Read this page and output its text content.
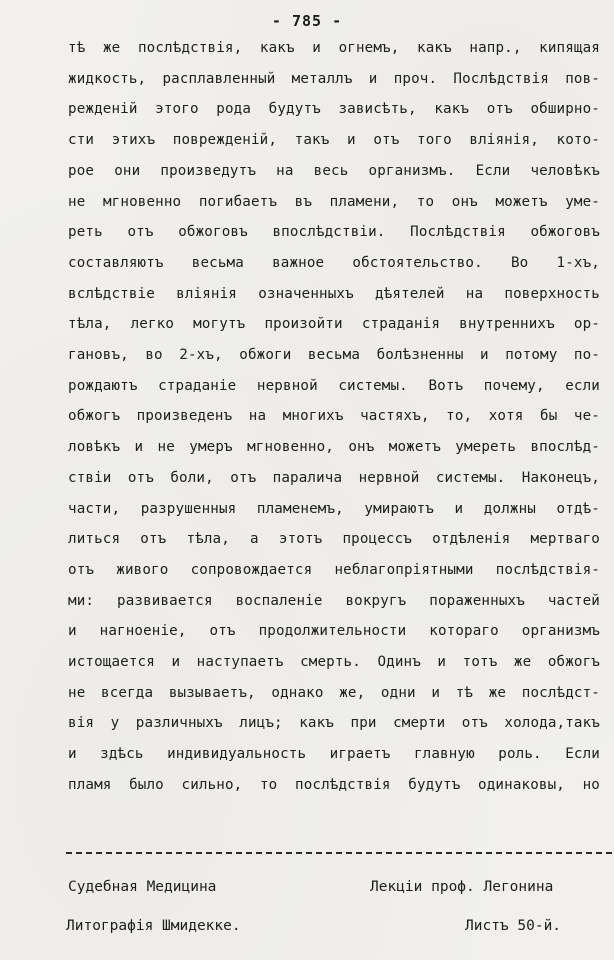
- 785 -
тѣ же послѣдствія, какъ и огнемъ, какъ напр., кипящая
жидкость, расплавленный металлъ и проч. Послѣдствія пов-
режденій этого рода будутъ зависѣть, какъ отъ обширно-
сти этихъ поврежденій, такъ и отъ того вліянія, кото-
рое они произведутъ на весь организмъ. Если человѣкъ
не мгновенно погибаетъ въ пламени, то онъ можетъ уме-
реть отъ обжоговъ впослѣдствіи. Послѣдствія обжоговъ
составляютъ весьма важное обстоятельство. Во 1-хъ,
вслѣдствіе вліянія означенныхъ дѣятелей на поверхность
тѣла, легко могутъ произойти страданія внутреннихъ ор-
гановъ, во 2-хъ, обжоги весьма болѣзненны и потому по-
рождаютъ страданіе нервной системы. Вотъ почему, если
обжогъ произведенъ на многихъ частяхъ, то, хотя бы че-
ловѣкъ и не умеръ мгновенно, онъ можетъ умереть впослѣд-
ствіи отъ боли, отъ паралича нервной системы. Наконецъ,
части, разрушенныя пламенемъ, умираютъ и должны отдѣ-
литься отъ тѣла, а этотъ процессъ отдѣленія мертваго
отъ живого сопровождается неблагопріятными послѣдствія-
ми: развивается воспаленіе вокругъ пораженныхъ частей
и нагноеніе, отъ продолжительности котораго организмъ
истощается и наступаетъ смерть. Одинъ и тотъ же обжогъ
не всегда вызываетъ, однако же, одни и тѣ же послѣдст-
вія у различныхъ лицъ; какъ при смерти отъ холода,такъ
и здѣсь индивидуальность играетъ главную роль. Если
пламя было сильно, то послѣдствія будутъ одинаковы, но
Судебная Медицина	Лекціи проф. Легонина
Литографія Шмидекке.	Листъ 50-й.
